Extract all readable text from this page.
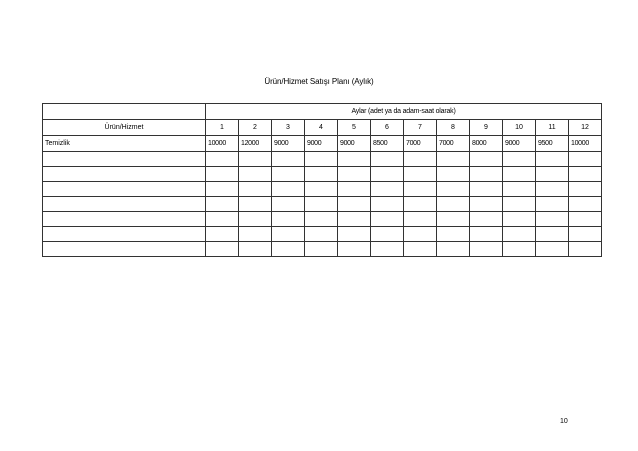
Ürün/Hizmet Satışı Planı (Aylık)
	Aylar (adet ya da adam-saat olarak)											
Ürün/Hizmet	1	2	3	4	5	6	7	8	9	10	11	12
Temizlik	10000	12000	9000	9000	9000	8500	7000	7000	8000	9000	9500	10000

10
